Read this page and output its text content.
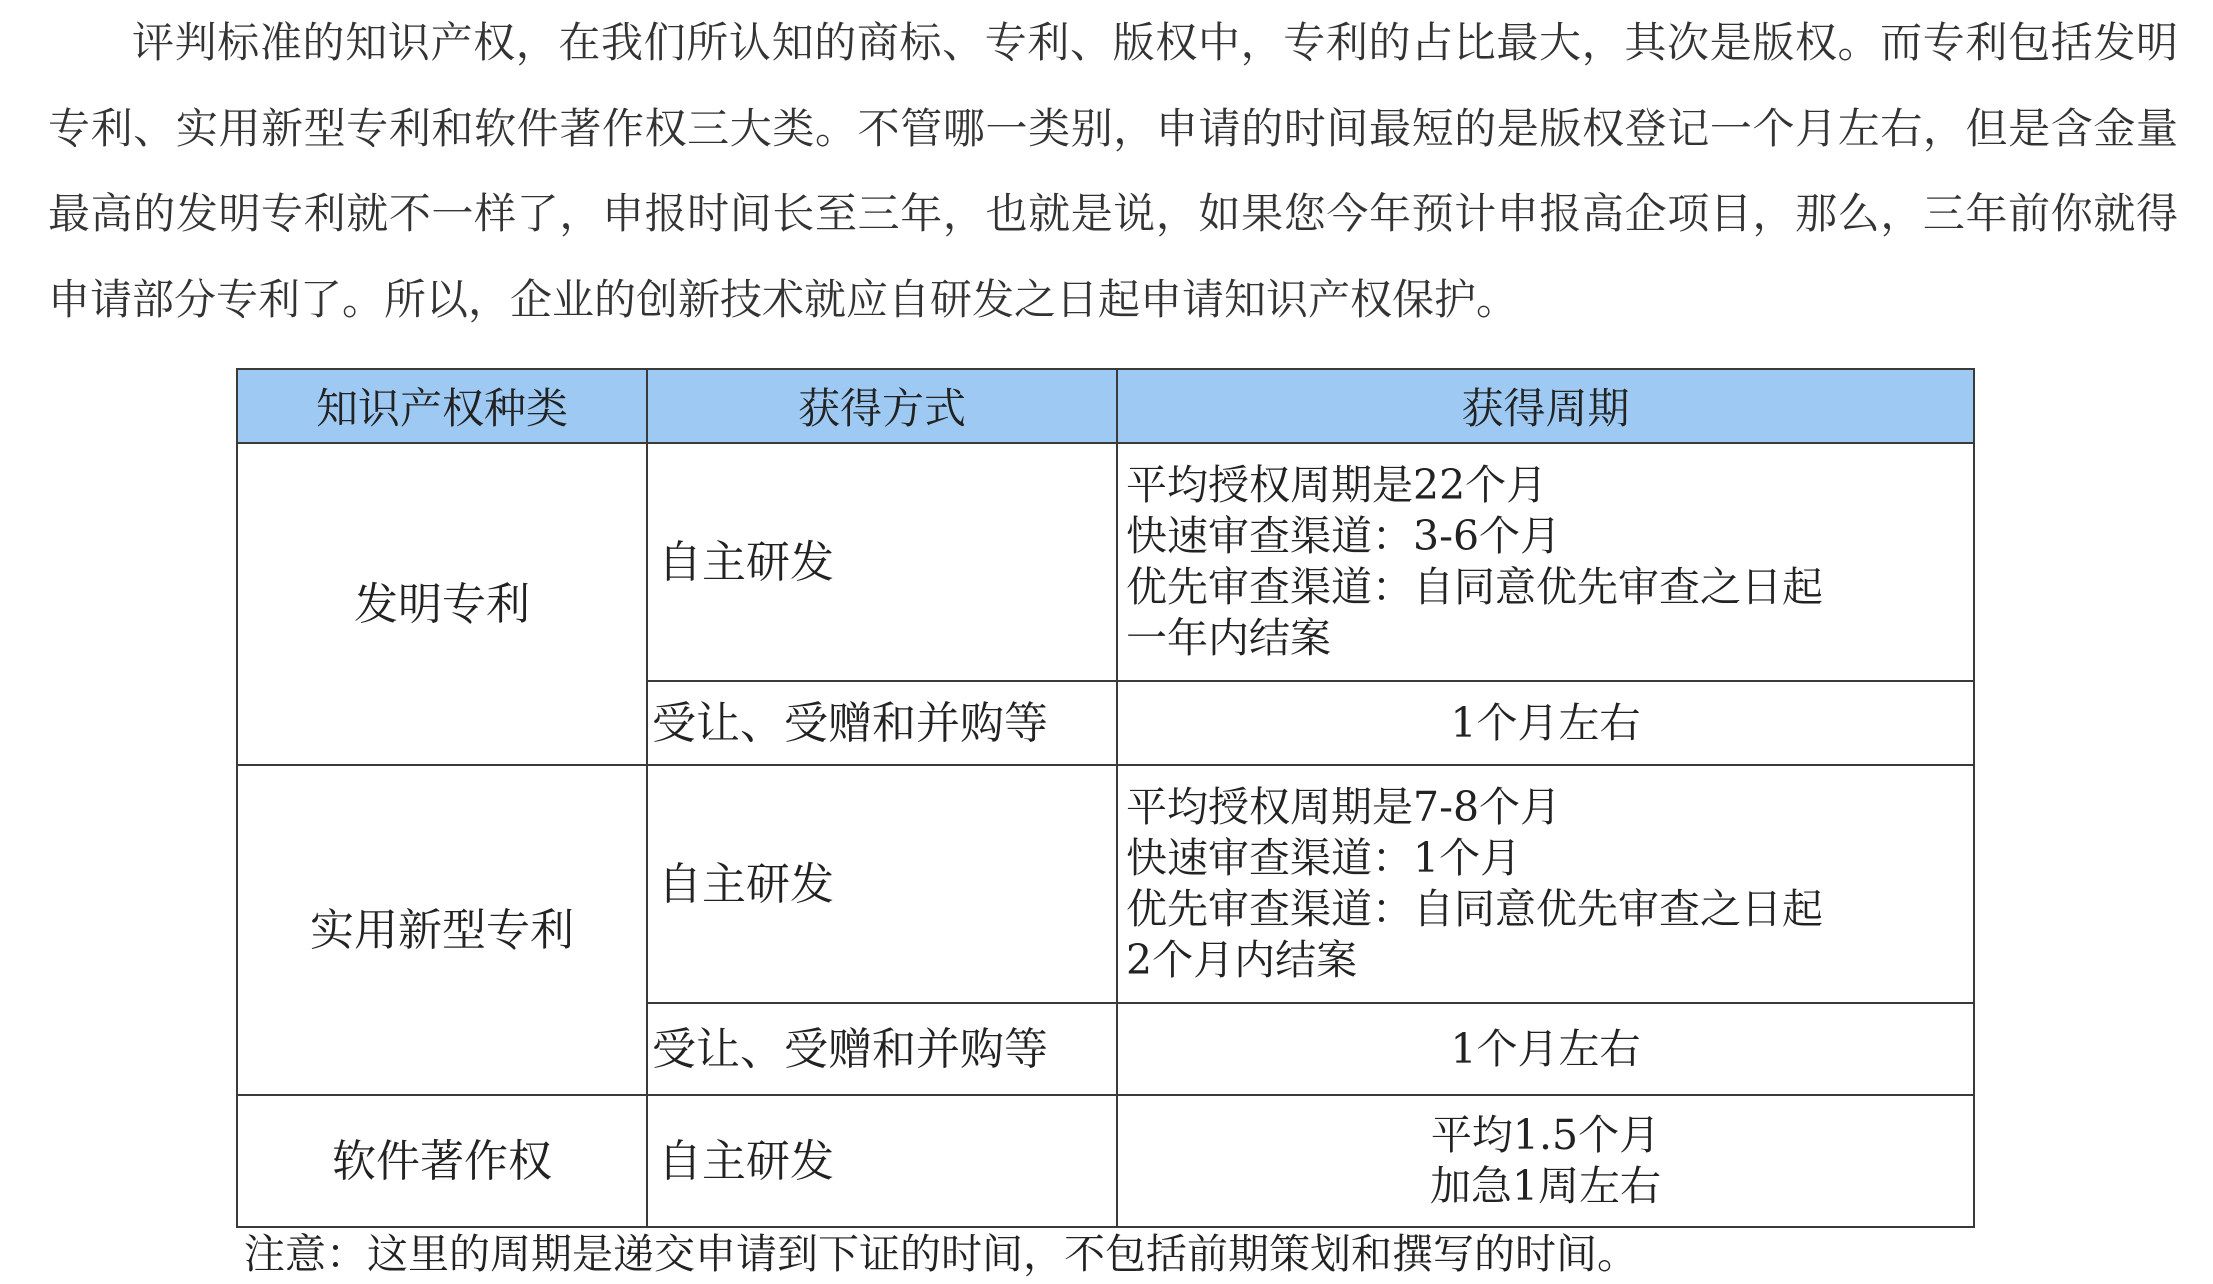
评判标准的知识产权，在我们所认知的商标、专利、版权中，专利的占比最大，其次是版权。而专利包括发明专利、实用新型专利和软件著作权三大类。不管哪一类别，申请的时间最短的是版权登记一个月左右，但是含金量最高的发明专利就不一样了，申报时间长至三年，也就是说，如果您今年预计申报高企项目，那么，三年前你就得申请部分专利了。所以，企业的创新技术就应自研发之日起申请知识产权保护。

知识产权种类	获得方式	获得周期
发明专利	自主研发	平均授权周期是22个月
快速审查渠道：3-6个月
优先审查渠道：自同意优先审查之日起
一年内结案

	受让、受赠和并购等	1个月左右
实用新型专利	自主研发	平均授权周期是7-8个月
快速审查渠道：1个月
优先审查渠道：自同意优先审查之日起
2个月内结案

	受让、受赠和并购等	1个月左右
软件著作权	自主研发	平均1.5个月
加急1周左右

注意：这里的周期是递交申请到下证的时间，不包括前期策划和撰写的时间。
